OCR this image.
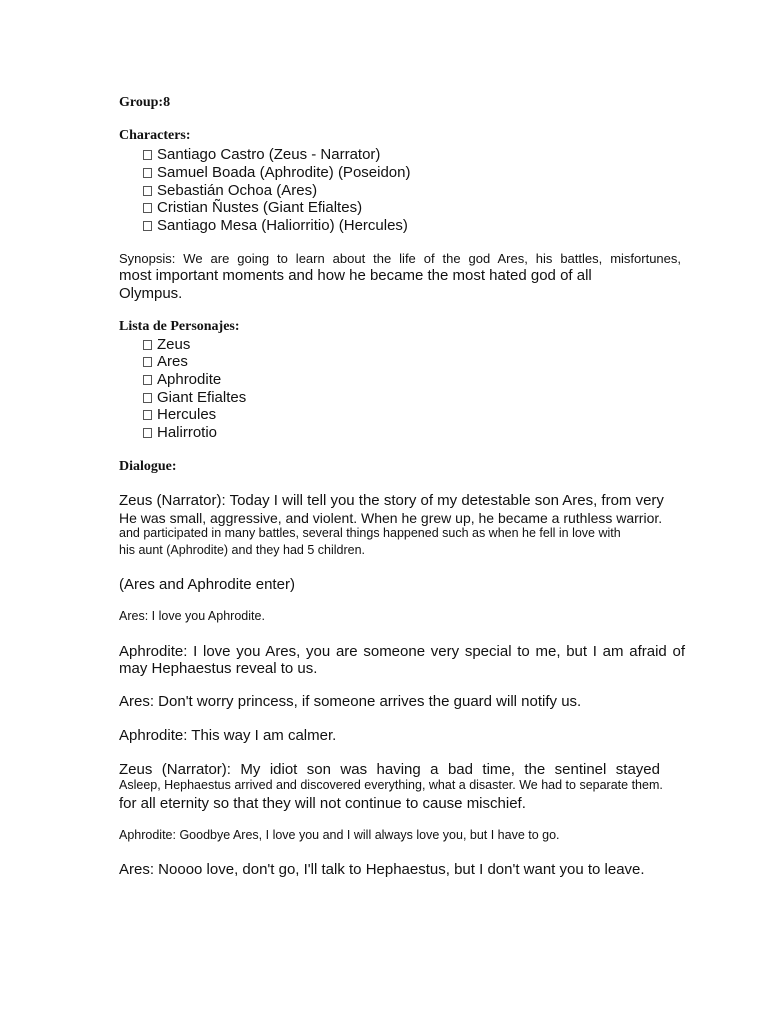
Group:8
Characters:
Santiago Castro (Zeus - Narrator)
Samuel Boada (Aphrodite) (Poseidon)
Sebastián Ochoa (Ares)
Cristian Ñustes (Giant Efialtes)
Santiago Mesa (Haliorritio) (Hercules)
Synopsis: We are going to learn about the life of the god Ares, his battles, misfortunes,
most important moments and how he became the most hated god of all
Olympus.
Lista de Personajes:
Zeus
Ares
Aphrodite
Giant Efialtes
Hercules
Halirrotio
Dialogue:
Zeus (Narrator): Today I will tell you the story of my detestable son Ares, from very
He was small, aggressive, and violent. When he grew up, he became a ruthless warrior.
and participated in many battles, several things happened such as when he fell in love with
his aunt (Aphrodite) and they had 5 children.
(Ares and Aphrodite enter)
Ares: I love you Aphrodite.
Aphrodite: I love you Ares, you are someone very special to me, but I am afraid of
may Hephaestus reveal to us.
Ares: Don't worry princess, if someone arrives the guard will notify us.
Aphrodite: This way I am calmer.
Zeus (Narrator): My idiot son was having a bad time, the sentinel stayed
Asleep, Hephaestus arrived and discovered everything, what a disaster. We had to separate them.
for all eternity so that they will not continue to cause mischief.
Aphrodite: Goodbye Ares, I love you and I will always love you, but I have to go.
Ares: Noooo love, don't go, I'll talk to Hephaestus, but I don't want you to leave.
